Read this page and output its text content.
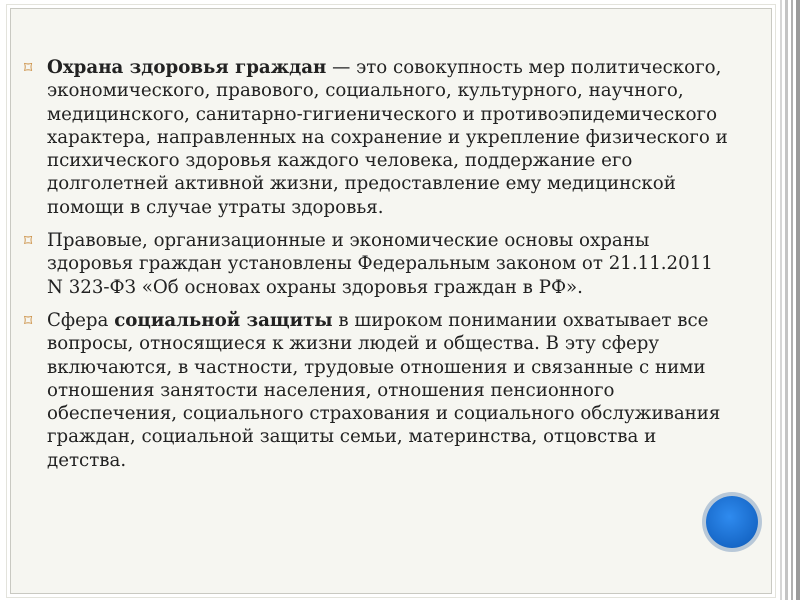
⌑ Охрана здоровья граждан — это совокупность мер политического, экономического, правового, социального, культурного, научного, медицинского, санитарно-гигиенического и противоэпидемического характера, направленных на сохранение и укрепление физического и психического здоровья каждого человека, поддержание его долголетней активной жизни, предоставление ему медицинской помощи в случае утраты здоровья.
⌑ Правовые, организационные и экономические основы охраны здоровья граждан установлены Федеральным законом от 21.11.2011 N 323-ФЗ «Об основах охраны здоровья граждан в РФ».
⌑ Сфера социальной защиты в широком понимании охватывает все вопросы, относящиеся к жизни людей и общества. В эту сферу включаются, в частности, трудовые отношения и связанные с ними отношения занятости населения, отношения пенсионного обеспечения, социального страхования и социального обслуживания граждан, социальной защиты семьи, материнства, отцовства и детства.
